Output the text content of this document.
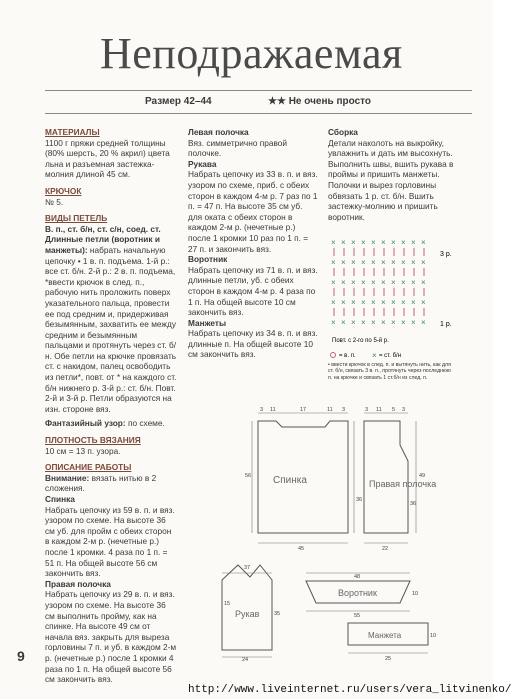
Неподражаемая
Размер 42–44	★★ Не очень просто

МАТЕРИАЛЫ

1100 г пряжи средней толщины (80% шерсть, 20 % акрил) цвета льна и разъемная застежка-молния длиной 45 см.

КРЮЧОК

№ 5.

ВИДЫ ПЕТЕЛЬ

В. п., ст. б/н, ст. с/н, соед. ст.

Длинные петли (воротник и манжеты): набрать начальную цепочку • 1 в. п. подъема. 1-й р.: все ст. б/н. 2-й р.: 2 в. п. подъема, *ввести крючок в след. п., рабочую нить проложить поверх указательного пальца, провести ее под средним и, придерживая безымянным, захватить ее между средним и безымянным пальцами и протянуть через ст. б/н. Обе петли на крючке провязать ст. с накидом, палец освободить из петли*, повт. от * на каждого ст. б/н нижнего р. 3-й р.: ст. б/н. Повт. 2-й и 3-й р. Петли образуются на изн. стороне вяз.

Фантазийный узор: по схеме.

ПЛОТНОСТЬ ВЯЗАНИЯ

10 см = 13 п. узора.

ОПИСАНИЕ РАБОТЫ

Внимание: вязать нитью в 2 сложения.

Спинка

Набрать цепочку из 59 в. п. и вяз. узором по схеме. На высоте 36 см уб. для пройм с обеих сторон в каждом 2-м р. (нечетные р.) после 1 кромки. 4 раза по 1 п. = 51 п. На общей высоте 56 см закончить вяз.

Правая полочка

Набрать цепочку из 29 в. п. и вяз. узором по схеме. На высоте 36 см выполнить пройму, как на спинке. На высоте 49 см от начала вяз. закрыть для выреза горловины 7 п. и уб. в каждом 2-м р. (нечетные р.) после 1 кромки 4 раза по 1 п. На общей высоте 56 см закончить вяз.

Левая полочка

Вяз. симметрично правой полочке.

Рукава

Набрать цепочку из 33 в. п. и вяз. узором по схеме, приб. с обеих сторон в каждом 4-м р. 7 раз по 1 п. = 47 п. На высоте 35 см уб. для оката с обеих сторон в каждом 2-м р. (нечетные р.) после 1 кромки 10 раз по 1 п. = 27 п. и закончить вяз.

Воротник

Набрать цепочку из 71 в. п. и вяз. длинные петли, уб. с обеих сторон в каждом 4-м р. 4 раза по 1 п. На общей высоте 10 см закончить вяз.

Манжеты

Набрать цепочку из 34 в. п. и вяз. длинные п. На общей высоте 10 см закончить вяз.

Сборка

Детали наколоть на выкройку, увлажнить и дать им высохнуть. Выполнить швы, вшить рукава в проймы и пришить манжеты. Полочки и вырез горловины обвязать 1 р. ст. б/н. Вшить застежку-молнию и пришить воротник.

× × × × × × × × × ×
× × × × × × × × × ×
× × × × × × × × × ×
× × × × × × × × × ×
× × × × × × × × × ×
3 р.
1 р.
Повт. с 2-го по 5-й р.
= в. п. × = ст. б/н
• ввести крючок в след. п. и вытянуть нить, как для ст. б/н, связать 3 в. п., протянуть через последнюю п. на крючке и связать 1 ст.б/н из след. п.
Спинка	Правая полочка
Рукав
Воротник
Манжета
3 11	17	11 3
56
36
45
3 11 5 3
49
36
22
37
15
35
24
48
10
55
10
25
9
http://www.liveinternet.ru/users/vera_litvinenko/
